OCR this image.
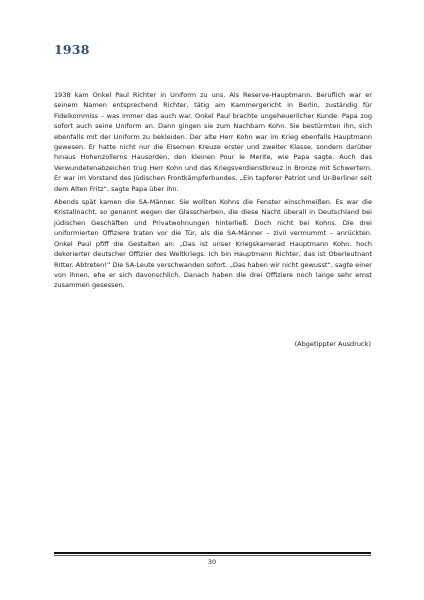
1938

1938 kam Onkel Paul Richter in Uniform zu uns. Als Reserve-Hauptmann. Beruflich war er seinem Namen entsprechend Richter, tätig am Kammergericht in Berlin, zuständig für Fideikommiss – was immer das auch war. Onkel Paul brachte ungeheuerlicher Kunde. Papa zog sofort auch seine Uniform an. Dann gingen sie zum Nachbarn Kohn. Sie bestürmten ihn, sich ebenfalls mit der Uniform zu bekleiden. Der alte Herr Kohn war im Krieg ebenfalls Hauptmann gewesen. Er hatte nicht nur die Eisernen Kreuze erster und zweiter Klasse, sondern darüber hinaus Hohenzollerns Hausorden, den kleinen Pour le Merite, wie Papa sagte. Auch das Verwundetenabzeichen trug Herr Kohn und das Kriegsverdienstkreuz in Bronze mit Schwertern. Er war im Vorstand des Jüdischen Frontkämpferbundes. „Ein tapferer Patriot und Ur-Berliner seit dem Alten Fritz“, sagte Papa über ihn.

Abends spät kamen die SA-Männer. Sie wollten Kohns die Fenster einschmeißen. Es war die Kristallnacht, so genannt wegen der Glasscherben, die diese Nacht überall in Deutschland bei jüdischen Geschäften und Privatwohnungen hinterließ. Doch nicht bei Kohns. Die drei uniformierten Offiziere traten vor die Tür, als die SA-Männer – ziviI vermummt – anrückten. Onkel Paul pfiff die Gestalten an: „Das ist unser Kriegskamerad Hauptmann Kohn, hoch dekorierter deutscher Offizier des Weltkriegs. Ich bin Hauptmann Richter, das ist Oberleutnant Ritter. Abtreten!“ Die SA-Leute verschwanden sofort. „Das haben wir nicht gewusst“, sagte einer von ihnen, ehe er sich davonschlich. Danach haben die drei Offiziere noch lange sehr ernst zusammen gesessen.

(Abgetippter Ausdruck)

30
